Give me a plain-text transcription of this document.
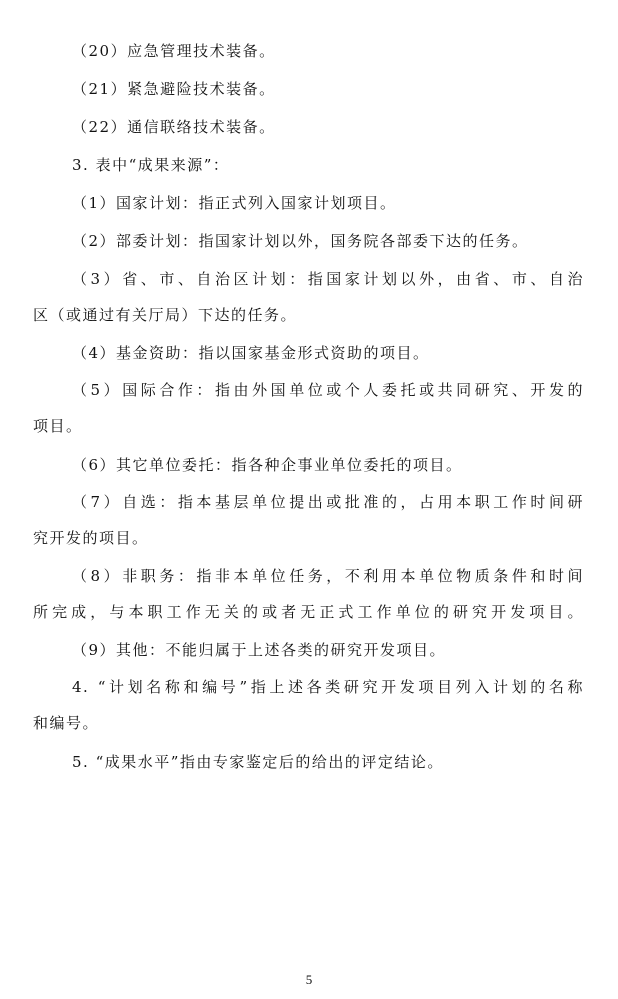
（20）应急管理技术装备。
（21）紧急避险技术装备。
（22）通信联络技术装备。
3. 表中“成果来源”：
（1）国家计划：指正式列入国家计划项目。
（2）部委计划：指国家计划以外，国务院各部委下达的任务。
（3）省、市、自治区计划：指国家计划以外，由省、市、自治
区（或通过有关厅局）下达的任务。
（4）基金资助：指以国家基金形式资助的项目。
（5）国际合作：指由外国单位或个人委托或共同研究、开发的
项目。
（6）其它单位委托：指各种企事业单位委托的项目。
（7）自选：指本基层单位提出或批准的，占用本职工作时间研
究开发的项目。
（8）非职务：指非本单位任务，不利用本单位物质条件和时间
所完成，与本职工作无关的或者无正式工作单位的研究开发项目。
（9）其他：不能归属于上述各类的研究开发项目。
4. “计划名称和编号”指上述各类研究开发项目列入计划的名称
和编号。
5. “成果水平”指由专家鉴定后的给出的评定结论。
5
